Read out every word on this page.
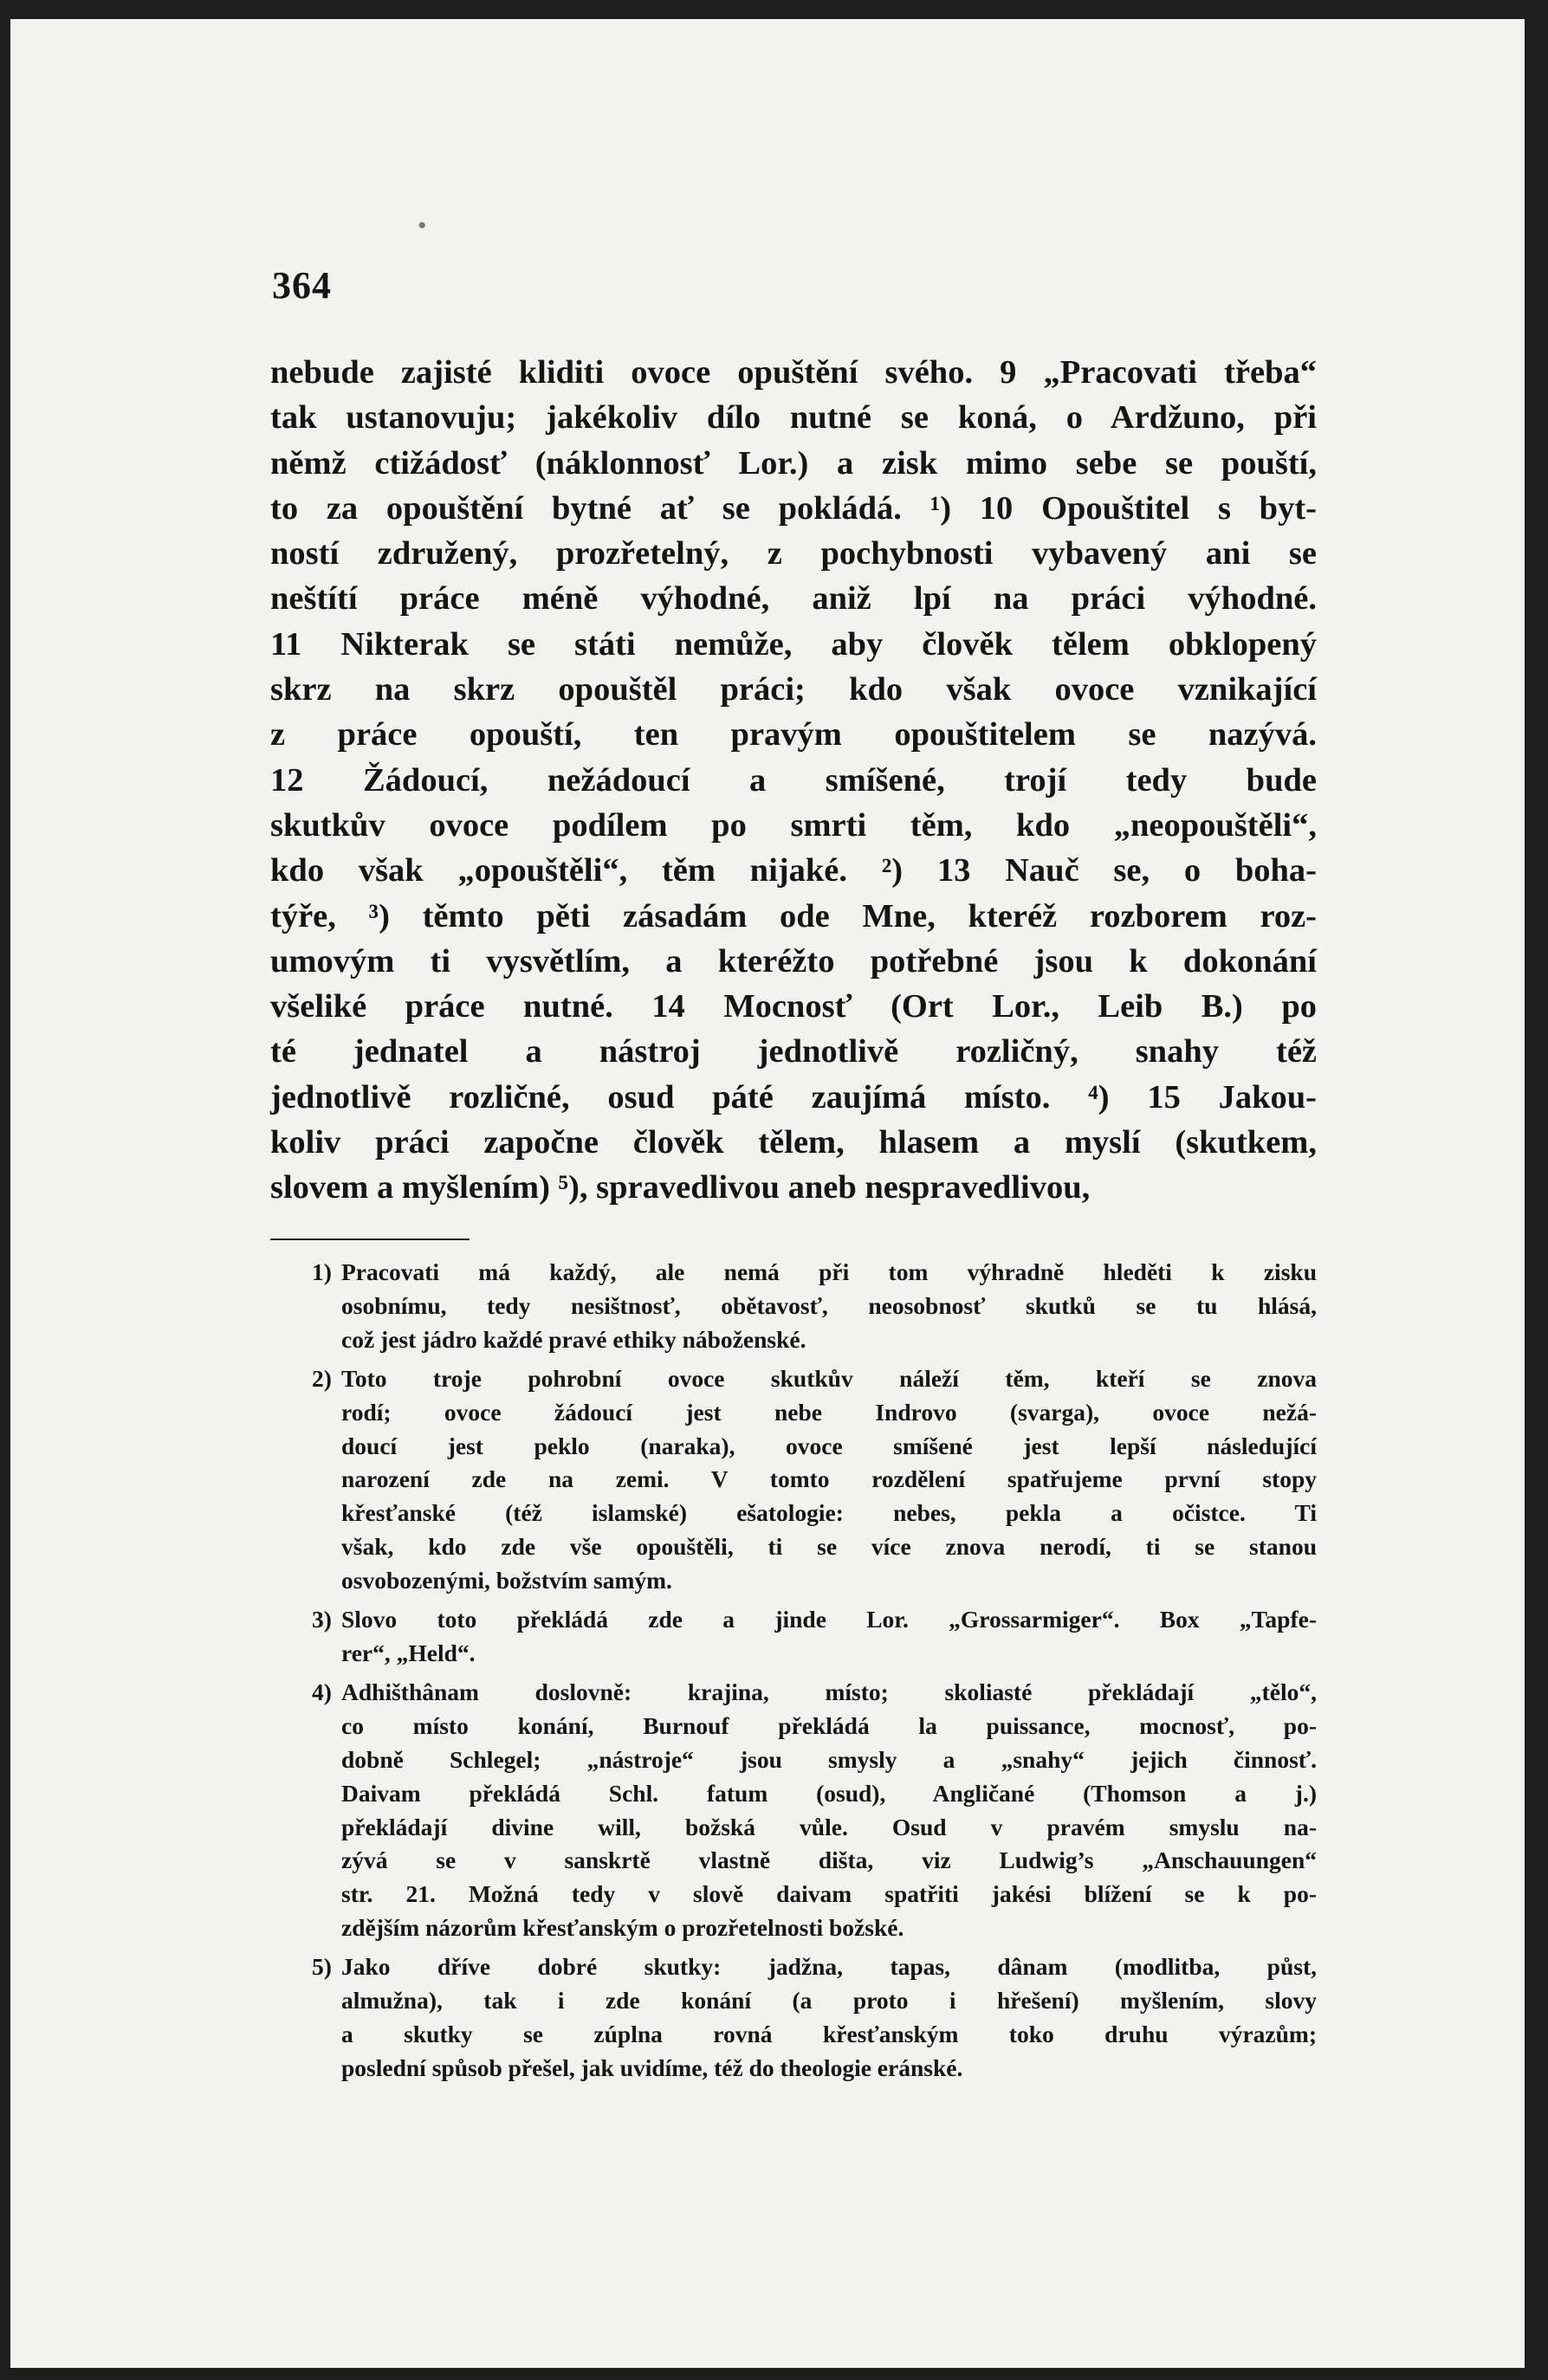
•
364
nebude zajisté kliditi ovoce opuštění svého. 9 „Pracovati třeba“
tak ustanovuju; jakékoliv dílo nutné se koná, o Ardžuno, při
němž ctižádosť (náklonnosť Lor.) a zisk mimo sebe se pouští,
to za opouštění bytné ať se pokládá. ¹) 10 Opouštitel s byt-
ností združený, prozřetelný, z pochybnosti vybavený ani se
neštítí práce méně výhodné, aniž lpí na práci výhodné.
11 Nikterak se státi nemůže, aby člověk tělem obklopený
skrz na skrz opouštěl práci; kdo však ovoce vznikající
z práce opouští, ten pravým opouštitelem se nazývá.
12 Žádoucí, nežádoucí a smíšené, trojí tedy bude
skutkův ovoce podílem po smrti těm, kdo „neopouštěli“,
kdo však „opouštěli“, těm nijaké. ²) 13 Nauč se, o boha-
týře, ³) těmto pěti zásadám ode Mne, kteréž rozborem roz-
umovým ti vysvětlím, a kteréžto potřebné jsou k dokonání
všeliké práce nutné. 14 Mocnosť (Ort Lor., Leib B.) po
té jednatel a nástroj jednotlivě rozličný, snahy též
jednotlivě rozličné, osud páté zaujímá místo. ⁴) 15 Jakou-
koliv práci započne člověk tělem, hlasem a myslí (skutkem,
slovem a myšlením) ⁵), spravedlivou aneb nespravedlivou,
1) Pracovati má každý, ale nemá při tom výhradně hleděti k zisku
osobnímu, tedy nesištnosť, obětavosť, neosobnosť skutků se tu hlásá,
což jest jádro každé pravé ethiky náboženské.
2) Toto troje pohrobní ovoce skutkův náleží těm, kteří se znova
rodí; ovoce žádoucí jest nebe Indrovo (svarga), ovoce nežá-
doucí jest peklo (naraka), ovoce smíšené jest lepší následující
narození zde na zemi. V tomto rozdělení spatřujeme první stopy
křesťanské (též islamské) ešatologie: nebes, pekla a očistce. Ti
však, kdo zde vše opouštěli, ti se více znova nerodí, ti se stanou
osvobozenými, božstvím samým.
3) Slovo toto překládá zde a jinde Lor. „Grossarmiger“. Box „Tapfe-
rer“, „Held“.
4) Adhišthânam doslovně: krajina, místo; skoliasté překládají „tělo“,
co místo konání, Burnouf překládá la puissance, mocnosť, po-
dobně Schlegel; „nástroje“ jsou smysly a „snahy“ jejich činnosť.
Daivam překládá Schl. fatum (osud), Angličané (Thomson a j.)
překládají divine will, božská vůle. Osud v pravém smyslu na-
zývá se v sanskrtě vlastně dišta, viz Ludwig’s „Anschauungen“
str. 21. Možná tedy v slově daivam spatřiti jakési blížení se k po-
zdějším názorům křesťanským o prozřetelnosti božské.
5) Jako dříve dobré skutky: jadžna, tapas, dânam (modlitba, půst,
almužna), tak i zde konání (a proto i hřešení) myšlením, slovy
a skutky se zúplna rovná křesťanským toko druhu výrazům;
poslední spůsob přešel, jak uvidíme, též do theologie eránské.
